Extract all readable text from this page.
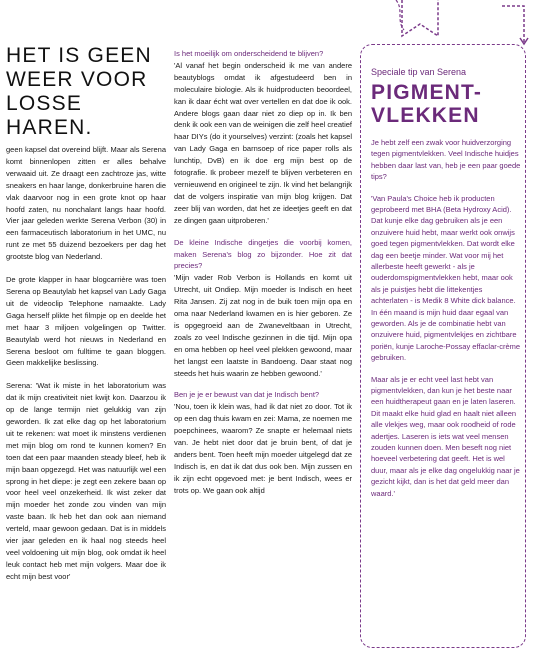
HET IS GEEN
WEER VOOR
LOSSE HAREN.

geen kapsel dat overeind blijft. Maar als Serena komt binnenlopen zitten er alles behalve verwaaid uit. Ze draagt een zachtroze jas, witte sneakers en haar lange, donkerbruine haren die vlak daarvoor nog in een grote knot op haar hoofd zaten, nu nonchalant langs haar hoofd. Vier jaar geleden werkte Serena Verbon (30) in een farmaceutisch laboratorium in het UMC, nu runt ze met 55 duizend bezoekers per dag het grootste blog van Nederland.

De grote klapper in haar blogcarrière was toen Serena op Beautylab het kapsel van Lady Gaga uit de videoclip Telephone namaakte. Lady Gaga herself plikte het filmpje op en deelde het met haar 3 miljoen volgelingen op Twitter. Beautylab werd hot nieuws in Nederland en Serena besloot om fulltime te gaan bloggen. Geen makkelijke beslissing.

Serena: 'Wat ik miste in het laboratorium was dat ik mijn creativiteit niet kwijt kon. Daarzou ik op de lange termijn niet gelukkig van zijn geworden. Ik zat elke dag op het laboratorium uit te rekenen: wat moet ik minstens verdienen met mijn blog om rond te kunnen komen? En toen dat een paar maanden steady bleef, heb ik mijn baan opgezegd. Het was natuurlijk wel een sprong in het diepe: je zegt een zekere baan op voor heel veel onzekerheid. Ik wist zeker dat mijn moeder het zonde zou vinden van mijn vaste baan. Ik heb het dan ook aan niemand verteld, maar gewoon gedaan. Dat is in middels vier jaar geleden en ik haal nog steeds heel veel voldoening uit mijn blog, ook omdat ik heel leuk contact heb met mijn volgers. Maar doe ik echt mijn best voor'

Is het moeilijk om onderscheidend te blijven?

'Al vanaf het begin onderscheid ik me van andere beautyblogs omdat ik afgestudeerd ben in moleculaire biologie. Als ik huidproducten beoordeel, kan ik daar écht wat over vertellen en dat doe ik ook. Andere blogs gaan daar niet zo diep op in. Ik ben denk ik ook een van de weinigen die zelf heel creatief haar DIYs (do it yourselves) verzint: (zoals het kapsel van Lady Gaga en barnsoep of rice paper rolls als lunchtip, DvB) en ik doe erg mijn best op de fotografie. Ik probeer mezelf te blijven verbeteren en vernieuwend en origineel te zijn. Ik vind het belangrijk dat de volgers inspiratie van mijn blog krijgen. Dat zeer blij van worden, dat het ze ideetjes geeft en dat ze dingen gaan uitproberen.'

De kleine Indische dingetjes die voorbij komen, maken Serena's blog zo bijzonder. Hoe zit dat precies?

'Mijn vader Rob Verbon is Hollands en komt uit Utrecht, uit Ondiep. Mijn moeder is Indisch en heet Rita Jansen. Zij zat nog in de buik toen mijn opa en oma naar Nederland kwamen en is hier geboren. Ze is opgegroeid aan de Zwaneveltbaan in Utrecht, zoals zo veel Indische gezinnen in die tijd. Mijn opa en oma hebben op heel veel plekken gewoond, maar het langst een laatste in Bandoeng. Daar staat nog steeds het huis waarin ze hebben gewoond.'

Ben je je er bewust van dat je Indisch bent?

'Nou, toen ik klein was, had ik dat niet zo door. Tot ik op een dag thuis kwam en zei: Mama, ze noemen me poepchinees, waarom? Ze snapte er helemaal niets van. Je hebt niet door dat je bruin bent, of dat je anders bent. Toen heeft mijn moeder uitgelegd dat ze Indisch is, en dat ik dat dus ook ben. Mijn zussen en ik zijn echt opgevoed met: je bent Indisch, wees er trots op. We gaan ook altijd

Speciale tip van Serena

PIGMENT-
VLEKKEN

Je hebt zelf een zwak voor huidverzorging tegen pigmentvlekken. Veel Indische huidjes hebben daar last van, heb je een paar goede tips?

'Van Paula's Choice heb ik producten geprobeerd met BHA (Beta Hydroxy Acid). Dat kunje elke dag gebruiken als je een onzuivere huid hebt, maar werkt ook onwijs goed tegen pigmentvlekken. Dat wordt elke dag een beetje minder. Wat voor mij het allerbeste heeft gewerkt - als je ouderdomspigmentvlekken hebt, maar ook als je puistjes hebt die littekentjes achterlaten - is Medik 8 White dick balance. In één maand is mijn huid daar egaal van geworden. Als je de combinatie hebt van onzuivere huid, pigmentvlekjes en zichtbare poriën, kunje Laroche-Possay effaclar-crème gebruiken.

Maar als je er echt veel last hebt van pigmentvlekken, dan kun je het beste naar een huidtherapeut gaan en je laten laseren. Dit maakt elke huid glad en haalt niet alleen alle vlekjes weg, maar ook roodheid of rode adertjes. Laseren is iets wat veel mensen zouden kunnen doen. Men beseft nog niet hoeveel verbetering dat geeft. Het is wel duur, maar als je elke dag ongelukkig naar je gezicht kijkt, dan is het dat geld meer dan waard.'
